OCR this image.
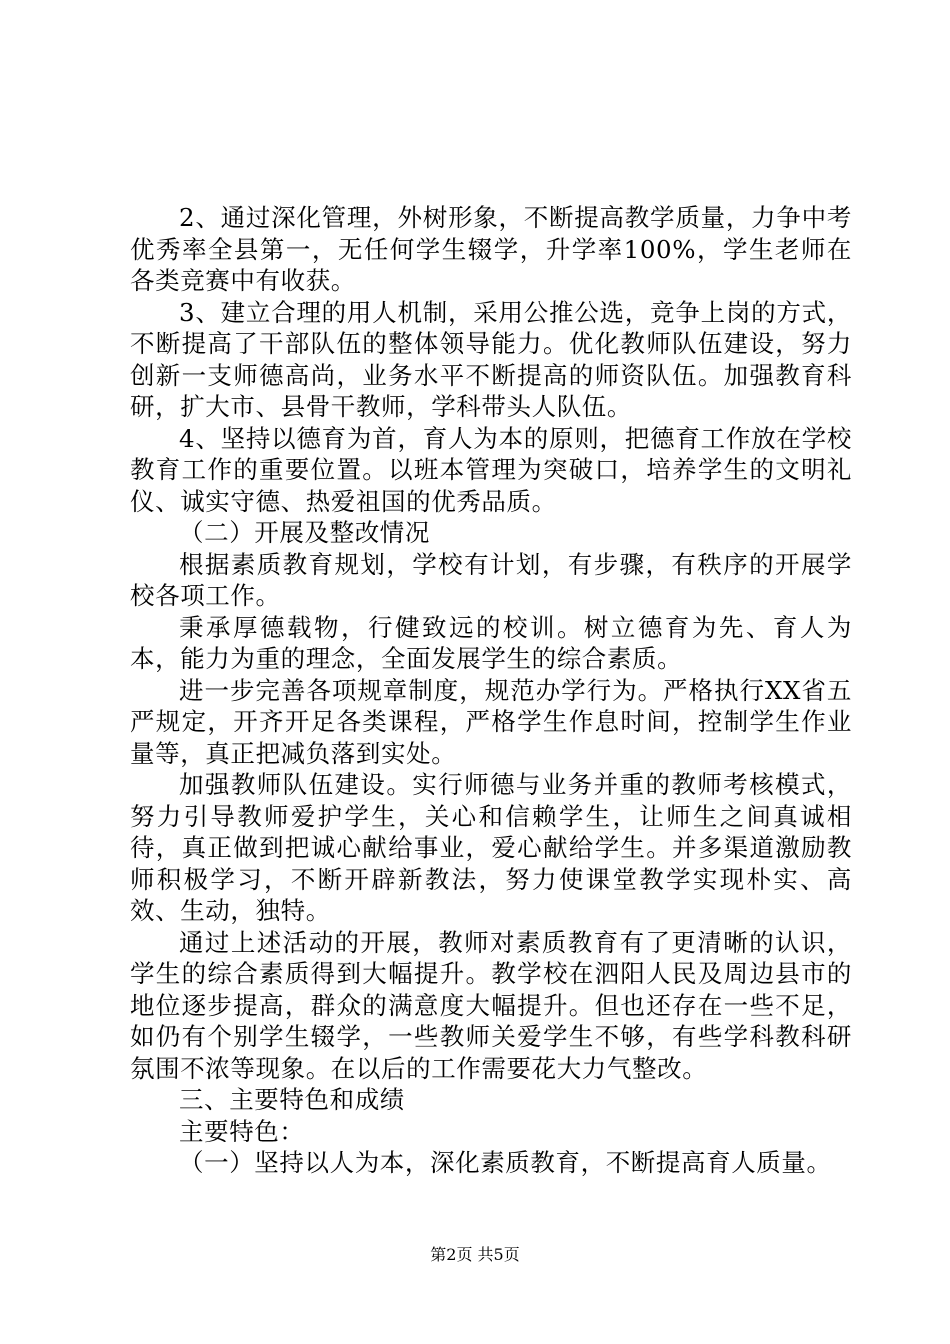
2、通过深化管理，外树形象，不断提高教学质量，力争中考优秀率全县第一，无任何学生辍学，升学率100%，学生老师在各类竞赛中有收获。

3、建立合理的用人机制，采用公推公选，竞争上岗的方式，不断提高了干部队伍的整体领导能力。优化教师队伍建设，努力创新一支师德高尚，业务水平不断提高的师资队伍。加强教育科研，扩大市、县骨干教师，学科带头人队伍。

4、坚持以德育为首，育人为本的原则，把德育工作放在学校教育工作的重要位置。以班本管理为突破口，培养学生的文明礼仪、诚实守德、热爱祖国的优秀品质。

（二）开展及整改情况

根据素质教育规划，学校有计划，有步骤，有秩序的开展学校各项工作。

秉承厚德载物，行健致远的校训。树立德育为先、育人为本，能力为重的理念，全面发展学生的综合素质。

进一步完善各项规章制度，规范办学行为。严格执行XX省五严规定，开齐开足各类课程，严格学生作息时间，控制学生作业量等，真正把减负落到实处。

加强教师队伍建设。实行师德与业务并重的教师考核模式，努力引导教师爱护学生，关心和信赖学生，让师生之间真诚相待，真正做到把诚心献给事业，爱心献给学生。并多渠道激励教师积极学习，不断开辟新教法，努力使课堂教学实现朴实、高效、生动，独特。

通过上述活动的开展，教师对素质教育有了更清晰的认识，学生的综合素质得到大幅提升。教学校在泗阳人民及周边县市的地位逐步提高，群众的满意度大幅提升。但也还存在一些不足，如仍有个别学生辍学，一些教师关爱学生不够，有些学科教科研氛围不浓等现象。在以后的工作需要花大力气整改。

三、主要特色和成绩

主要特色：

（一）坚持以人为本，深化素质教育，不断提高育人质量。

第2页 共5页
